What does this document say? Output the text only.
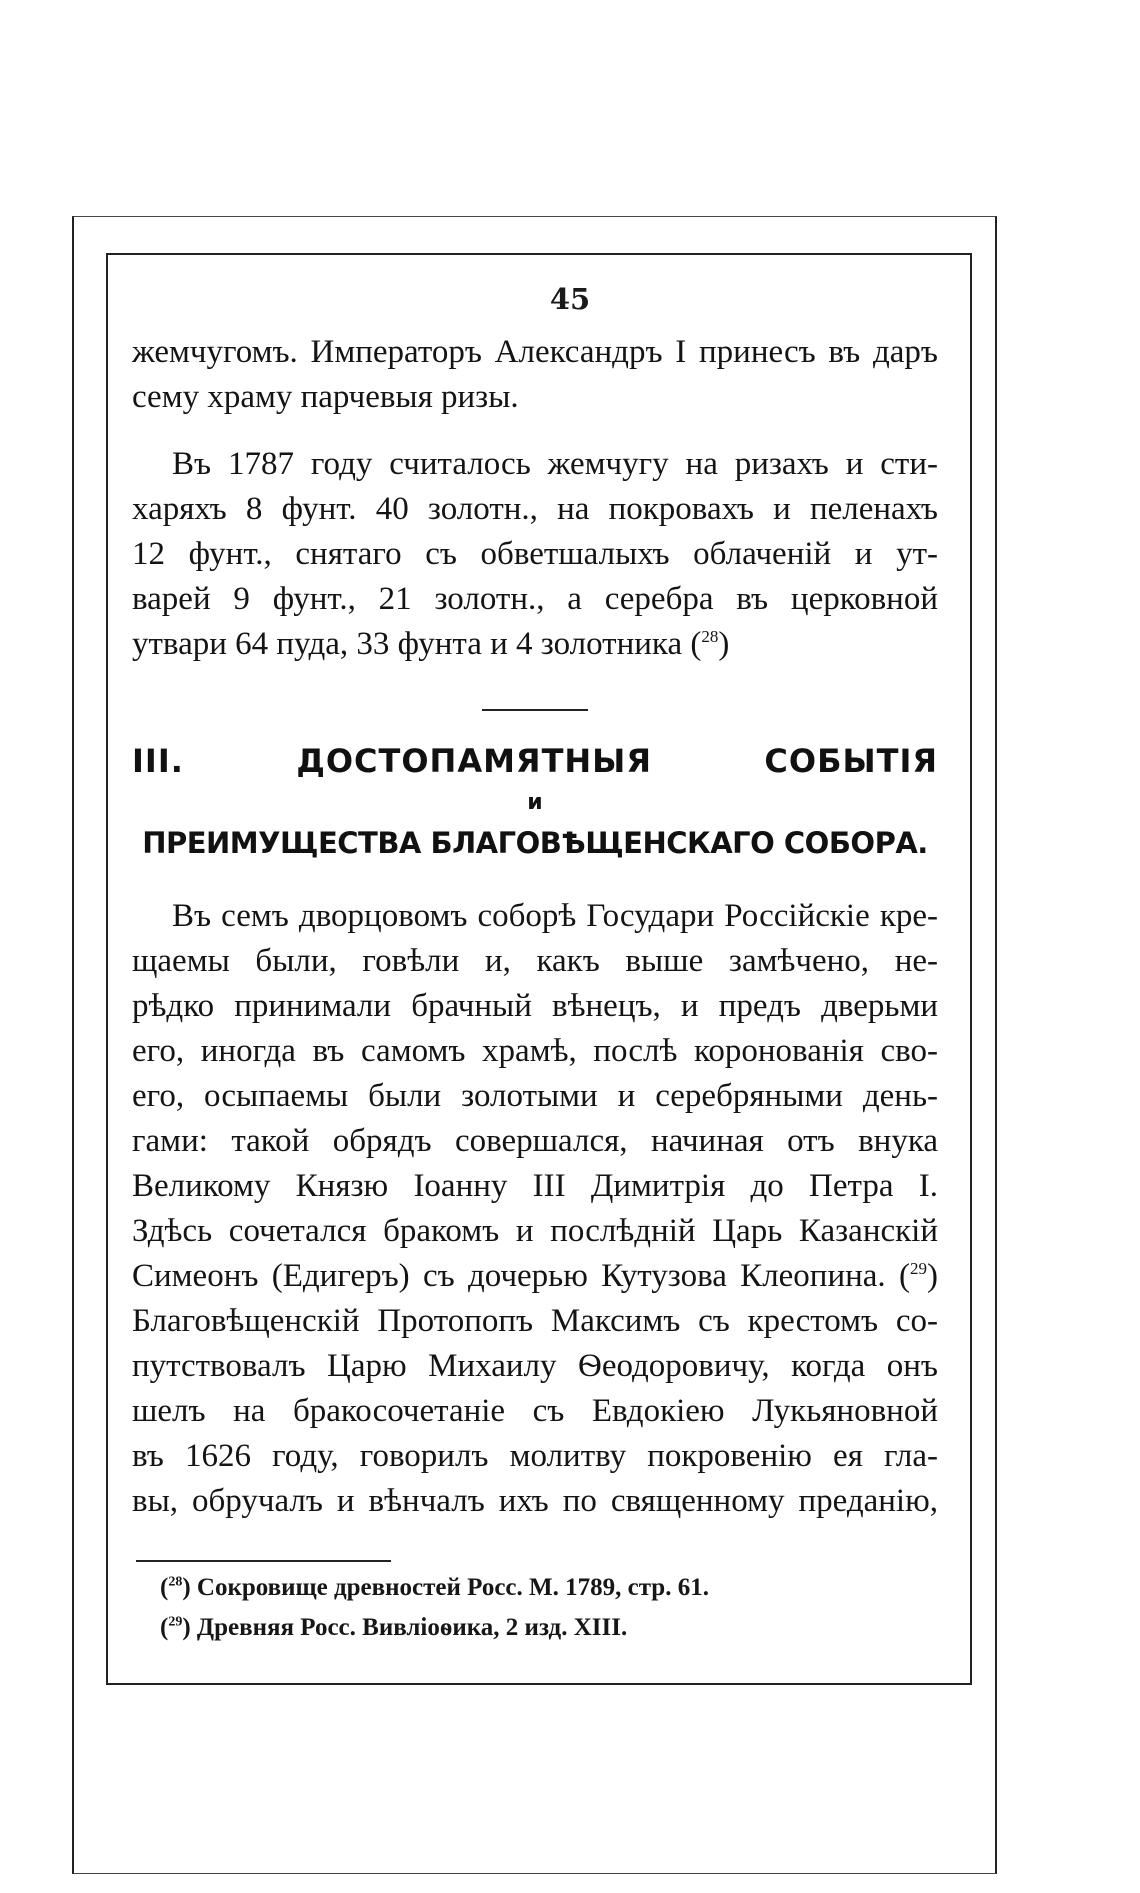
45

жемчугомъ. Императоръ Александръ I принесъ въ даръ
сему храму парчевыя ризы.
Въ 1787 году считалось жемчугу на ризахъ и сти-
харяхъ 8 фунт. 40 золотн., на покровахъ и пеленахъ
12 фунт., снятаго съ обветшалыхъ облаченій и ут-
варей 9 фунт., 21 золотн., а серебра въ церковной
утвари 64 пуда, 33 фунта и 4 золотника ($^{28}$)
III.	ДОСТОПАМЯТНЫЯ	СОБЫТІЯ
и
ПРЕИМУЩЕСТВА БЛАГОВѢЩЕНСКАГО СОБОРА.
Въ семъ дворцовомъ соборѣ Государи Россійскіе кре-
щаемы были, говѣли и, какъ выше замѣчено, не-
рѣдко принимали брачный вѣнецъ, и предъ дверьми
его, иногда въ самомъ храмѣ, послѣ коронованія сво-
его, осыпаемы были золотыми и серебряными день-
гами: такой обрядъ совершался, начиная отъ внука
Великому Князю Іоанну III Димитрія до Петра I.
Здѣсь сочетался бракомъ и послѣдній Царь Казанскій
Симеонъ (Едигеръ) съ дочерью Кутузова Клеопина. ($^{29}$)
Благовѣщенскій Протопопъ Максимъ съ крестомъ со-
путствовалъ Царю Михаилу Ѳеодоровичу, когда онъ
шелъ на бракосочетаніе съ Евдокіею Лукьяновной
въ 1626 году, говорилъ молитву покровенію ея гла-
вы, обручалъ и вѣнчалъ ихъ по священному преданію,
($^{28}$) Сокровище древностей Росс. М. 1789, стр. 61.
($^{29}$) Древняя Росс. Вивліоѳика, 2 изд. XIII.
